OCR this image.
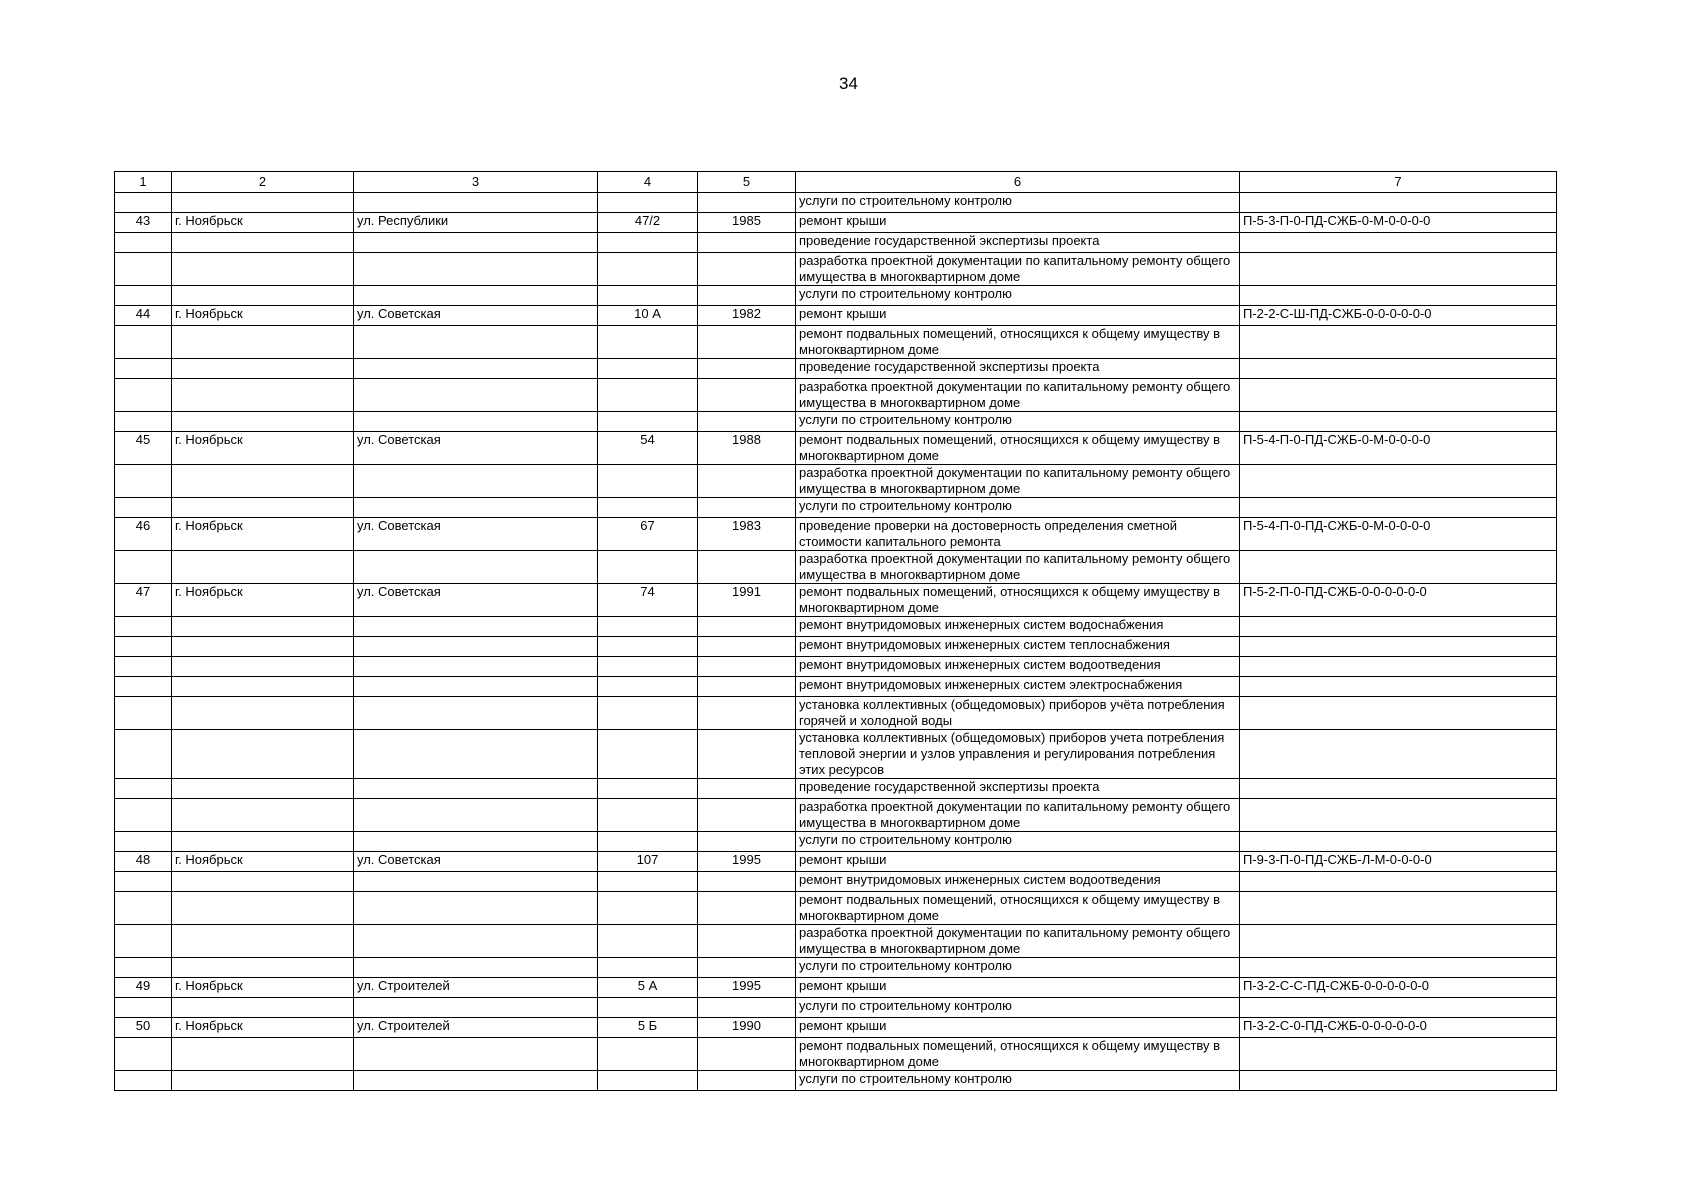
34
1	2	3	4	5	6	7
					услуги по строительному контролю	
43	г. Ноябрьск	ул. Республики	47/2	1985	ремонт крыши	П-5-3-П-0-ПД-СЖБ-0-М-0-0-0-0
					проведение государственной экспертизы проекта	
					разработка проектной документации по капитальному ремонту общего имущества в многоквартирном доме	
					услуги по строительному контролю	
44	г. Ноябрьск	ул. Советская	10 А	1982	ремонт крыши	П-2-2-С-Ш-ПД-СЖБ-0-0-0-0-0-0
					ремонт подвальных помещений, относящихся к общему имуществу в многоквартирном доме	
					проведение государственной экспертизы проекта	
					разработка проектной документации по капитальному ремонту общего имущества в многоквартирном доме	
					услуги по строительному контролю	
45	г. Ноябрьск	ул. Советская	54	1988	ремонт подвальных помещений, относящихся к общему имуществу в многоквартирном доме	П-5-4-П-0-ПД-СЖБ-0-М-0-0-0-0
					разработка проектной документации по капитальному ремонту общего имущества в многоквартирном доме	
					услуги по строительному контролю	
46	г. Ноябрьск	ул. Советская	67	1983	проведение проверки на достоверность определения сметной стоимости капитального ремонта	П-5-4-П-0-ПД-СЖБ-0-М-0-0-0-0
					разработка проектной документации по капитальному ремонту общего имущества в многоквартирном доме	
47	г. Ноябрьск	ул. Советская	74	1991	ремонт подвальных помещений, относящихся к общему имуществу в многоквартирном доме	П-5-2-П-0-ПД-СЖБ-0-0-0-0-0-0
					ремонт внутридомовых инженерных систем водоснабжения	
					ремонт внутридомовых инженерных систем теплоснабжения	
					ремонт внутридомовых инженерных систем водоотведения	
					ремонт внутридомовых инженерных систем электроснабжения	
					установка коллективных (общедомовых) приборов учёта потребления горячей и холодной воды	
					установка коллективных (общедомовых) приборов учета потребления тепловой энергии и узлов управления и регулирования потребления этих ресурсов	
					проведение государственной экспертизы проекта	
					разработка проектной документации по капитальному ремонту общего имущества в многоквартирном доме	
					услуги по строительному контролю	
48	г. Ноябрьск	ул. Советская	107	1995	ремонт крыши	П-9-3-П-0-ПД-СЖБ-Л-М-0-0-0-0
					ремонт внутридомовых инженерных систем водоотведения	
					ремонт подвальных помещений, относящихся к общему имуществу в многоквартирном доме	
					разработка проектной документации по капитальному ремонту общего имущества в многоквартирном доме	
					услуги по строительному контролю	
49	г. Ноябрьск	ул. Строителей	5 А	1995	ремонт крыши	П-3-2-С-С-ПД-СЖБ-0-0-0-0-0-0
					услуги по строительному контролю	
50	г. Ноябрьск	ул. Строителей	5 Б	1990	ремонт крыши	П-3-2-С-0-ПД-СЖБ-0-0-0-0-0-0
					ремонт подвальных помещений, относящихся к общему имуществу в многоквартирном доме	
					услуги по строительному контролю	
